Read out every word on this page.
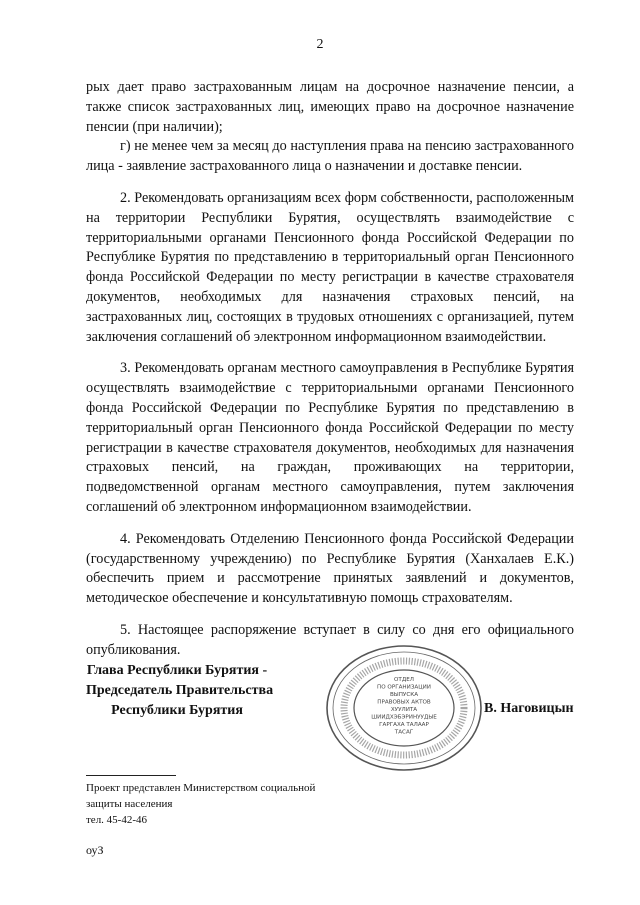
2

рых дает право застрахованным лицам на досрочное назначение пенсии, а также список застрахованных лиц, имеющих право на досрочное назначение пенсии (при наличии);

г) не менее чем за месяц до наступления права на пенсию застрахованного лица - заявление застрахованного лица о назначении и доставке пенсии.

2. Рекомендовать организациям всех форм собственности, расположенным на территории Республики Бурятия, осуществлять взаимодействие с территориальными органами Пенсионного фонда Российской Федерации по Республике Бурятия по представлению в территориальный орган Пенсионного фонда Российской Федерации по месту регистрации в качестве страхователя документов, необходимых для назначения страховых пенсий, на застрахованных лиц, состоящих в трудовых отношениях с организацией, путем заключения соглашений об электронном информационном взаимодействии.

3. Рекомендовать органам местного самоуправления в Республике Бурятия осуществлять взаимодействие с территориальными органами Пенсионного фонда Российской Федерации по Республике Бурятия по представлению в территориальный орган Пенсионного фонда Российской Федерации по месту регистрации в качестве страхователя документов, необходимых для назначения страховых пенсий, на граждан, проживающих на территории, подведомственной органам местного самоуправления, путем заключения соглашений об электронном информационном взаимодействии.

4. Рекомендовать Отделению Пенсионного фонда Российской Федерации (государственному учреждению) по Республике Бурятия (Ханхалаев Е.К.) обеспечить прием и рассмотрение принятых заявлений и документов, методическое обеспечение и консультативную помощь страхователям.

5. Настоящее распоряжение вступает в силу со дня его официального опубликования.

Глава Республики Бурятия -
Председатель Правительства
Республики Бурятия
ОТДЕЛ
ПО ОРГАНИЗАЦИИ
ВЫПУСКА
ПРАВОВЫХ АКТОВ
ХУУЛИТА
ШИИДХЭБЭРИНУУДЫЕ
ГАРГАХА ТАЛААР
ТАСАГ
В. Наговицын
Проект представлен Министерством социальной
защиты населения
тел. 45-42-46
оуЗ
